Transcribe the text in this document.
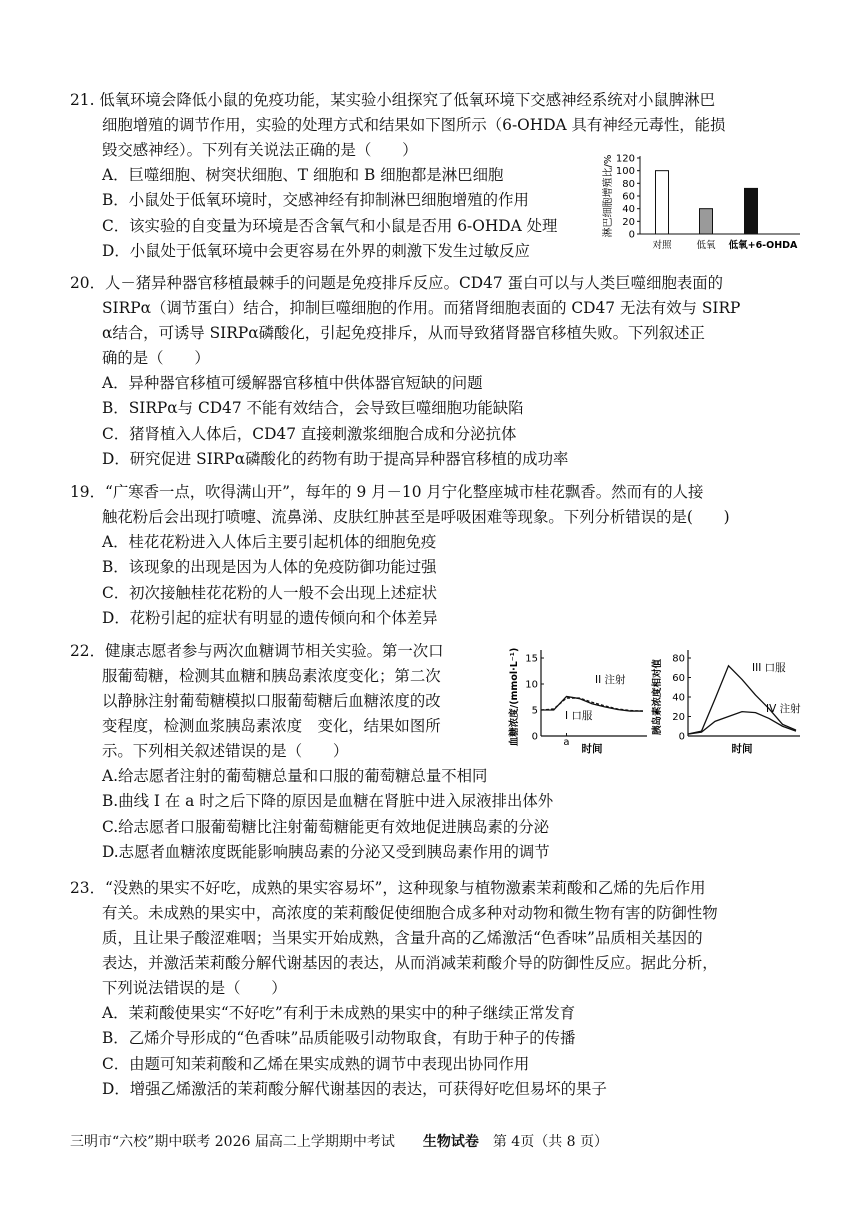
21. 低氧环境会降低小鼠的免疫功能，某实验小组探究了低氧环境下交感神经系统对小鼠脾淋巴
细胞增殖的调节作用，实验的处理方式和结果如下图所示（6-OHDA 具有神经元毒性，能损
毁交感神经）。下列有关说法正确的是（　　）
A．巨噬细胞、树突状细胞、T 细胞和 B 细胞都是淋巴细胞
B．小鼠处于低氧环境时，交感神经有抑制淋巴细胞增殖的作用
C．该实验的自变量为环境是否含氧气和小鼠是否用 6-OHDA 处理
D．小鼠处于低氧环境中会更容易在外界的刺激下发生过敏反应
0
20
40
60
80
100
120
淋巴细胞增殖比/%
对照	低氧 低氧+6-OHDA
20．人－猪异种器官移植最棘手的问题是免疫排斥反应。CD47 蛋白可以与人类巨噬细胞表面的
SIRPα（调节蛋白）结合，抑制巨噬细胞的作用。而猪肾细胞表面的 CD47 无法有效与 SIRP
α结合，可诱导 SIRPα磷酸化，引起免疫排斥，从而导致猪肾器官移植失败。下列叙述正
确的是（　　）
A．异种器官移植可缓解器官移植中供体器官短缺的问题
B．SIRPα与 CD47 不能有效结合，会导致巨噬细胞功能缺陷
C．猪肾植入人体后，CD47 直接刺激浆细胞合成和分泌抗体
D．研究促进 SIRPα磷酸化的药物有助于提高异种器官移植的成功率
19．“广寒香一点，吹得满山开”，每年的 9 月－10 月宁化整座城市桂花飘香。然而有的人接
触花粉后会出现打喷嚏、流鼻涕、皮肤红肿甚至是呼吸困难等现象。下列分析错误的是(　　)
A．桂花花粉进入人体后主要引起机体的细胞免疫
B．该现象的出现是因为人体的免疫防御功能过强
C．初次接触桂花花粉的人一般不会出现上述症状
D．花粉引起的症状有明显的遗传倾向和个体差异
22．健康志愿者参与两次血糖调节相关实验。第一次口
服葡萄糖，检测其血糖和胰岛素浓度变化；第二次
以静脉注射葡萄糖模拟口服葡萄糖后血糖浓度的改
变程度，检测血浆胰岛素浓度　变化，结果如图所
示。下列相关叙述错误的是（　　）
A.给志愿者注射的葡萄糖总量和口服的葡萄糖总量不相同
B.曲线 I 在 a 时之后下降的原因是血糖在肾脏中进入尿液排出体外
C.给志愿者口服葡萄糖比注射葡萄糖能更有效地促进胰岛素的分泌
D.志愿者血糖浓度既能影响胰岛素的分泌又受到胰岛素作用的调节
0
5
10
15
血糖浓度/(mmol·L⁻¹)
时间
a
I 口服
II 注射
0
20
40
60
80
胰岛素浓度相对值
时间
III 口服
IV 注射
23．“没熟的果实不好吃，成熟的果实容易坏”，这种现象与植物激素茉莉酸和乙烯的先后作用
有关。未成熟的果实中，高浓度的茉莉酸促使细胞合成多种对动物和微生物有害的防御性物
质，且让果子酸涩难咽；当果实开始成熟，含量升高的乙烯激活“色香味”品质相关基因的
表达，并激活茉莉酸分解代谢基因的表达，从而消减茉莉酸介导的防御性反应。据此分析，
下列说法错误的是（　　）
A．茉莉酸使果实“不好吃”有利于未成熟的果实中的种子继续正常发育
B．乙烯介导形成的“色香味”品质能吸引动物取食，有助于种子的传播
C．由题可知茉莉酸和乙烯在果实成熟的调节中表现出协同作用
D．增强乙烯激活的茉莉酸分解代谢基因的表达，可获得好吃但易坏的果子
三明市“六校”期中联考 2026 届高二上学期期中考试 生物试卷 第 4页（共 8 页）
